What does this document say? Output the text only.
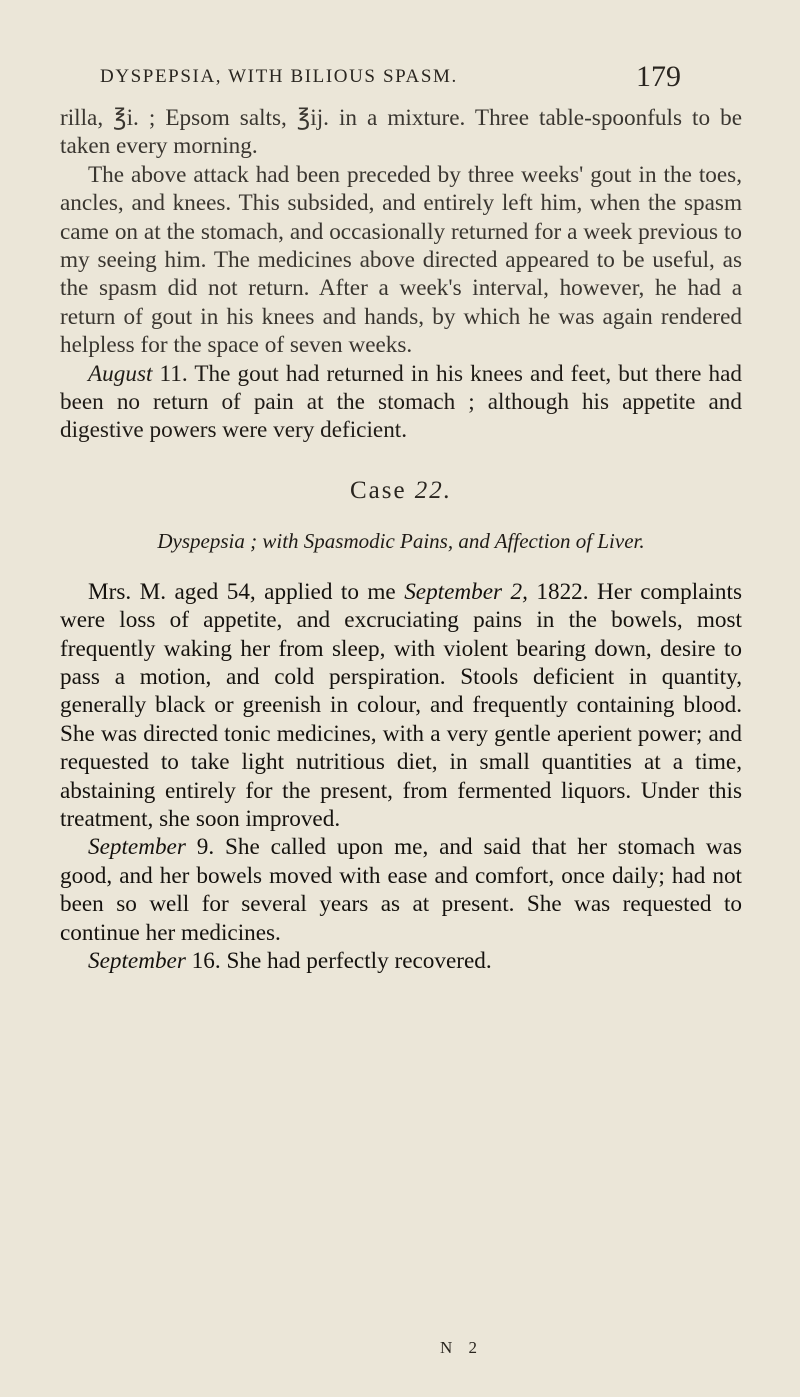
DYSPEPSIA, WITH BILIOUS SPASM.	179

rilla, ℥i. ; Epsom salts, ℥ij. in a mixture. Three table-spoonfuls to be taken every morning.

The above attack had been preceded by three weeks' gout in the toes, ancles, and knees. This subsided, and entirely left him, when the spasm came on at the stomach, and occasionally returned for a week previous to my seeing him. The medicines above directed appeared to be useful, as the spasm did not return. After a week's interval, however, he had a return of gout in his knees and hands, by which he was again rendered helpless for the space of seven weeks.

August 11. The gout had returned in his knees and feet, but there had been no return of pain at the stomach ; although his appetite and digestive powers were very deficient.

Case 22.
Dyspepsia ; with Spasmodic Pains, and Affection of Liver.

Mrs. M. aged 54, applied to me September 2, 1822. Her complaints were loss of appetite, and excruciating pains in the bowels, most frequently waking her from sleep, with violent bearing down, desire to pass a motion, and cold perspiration. Stools deficient in quantity, generally black or greenish in colour, and frequently containing blood. She was directed tonic medicines, with a very gentle aperient power; and requested to take light nutritious diet, in small quantities at a time, abstaining entirely for the present, from fermented liquors. Under this treatment, she soon improved.

September 9. She called upon me, and said that her stomach was good, and her bowels moved with ease and comfort, once daily; had not been so well for several years as at present. She was requested to continue her medicines.

September 16. She had perfectly recovered.

N 2
